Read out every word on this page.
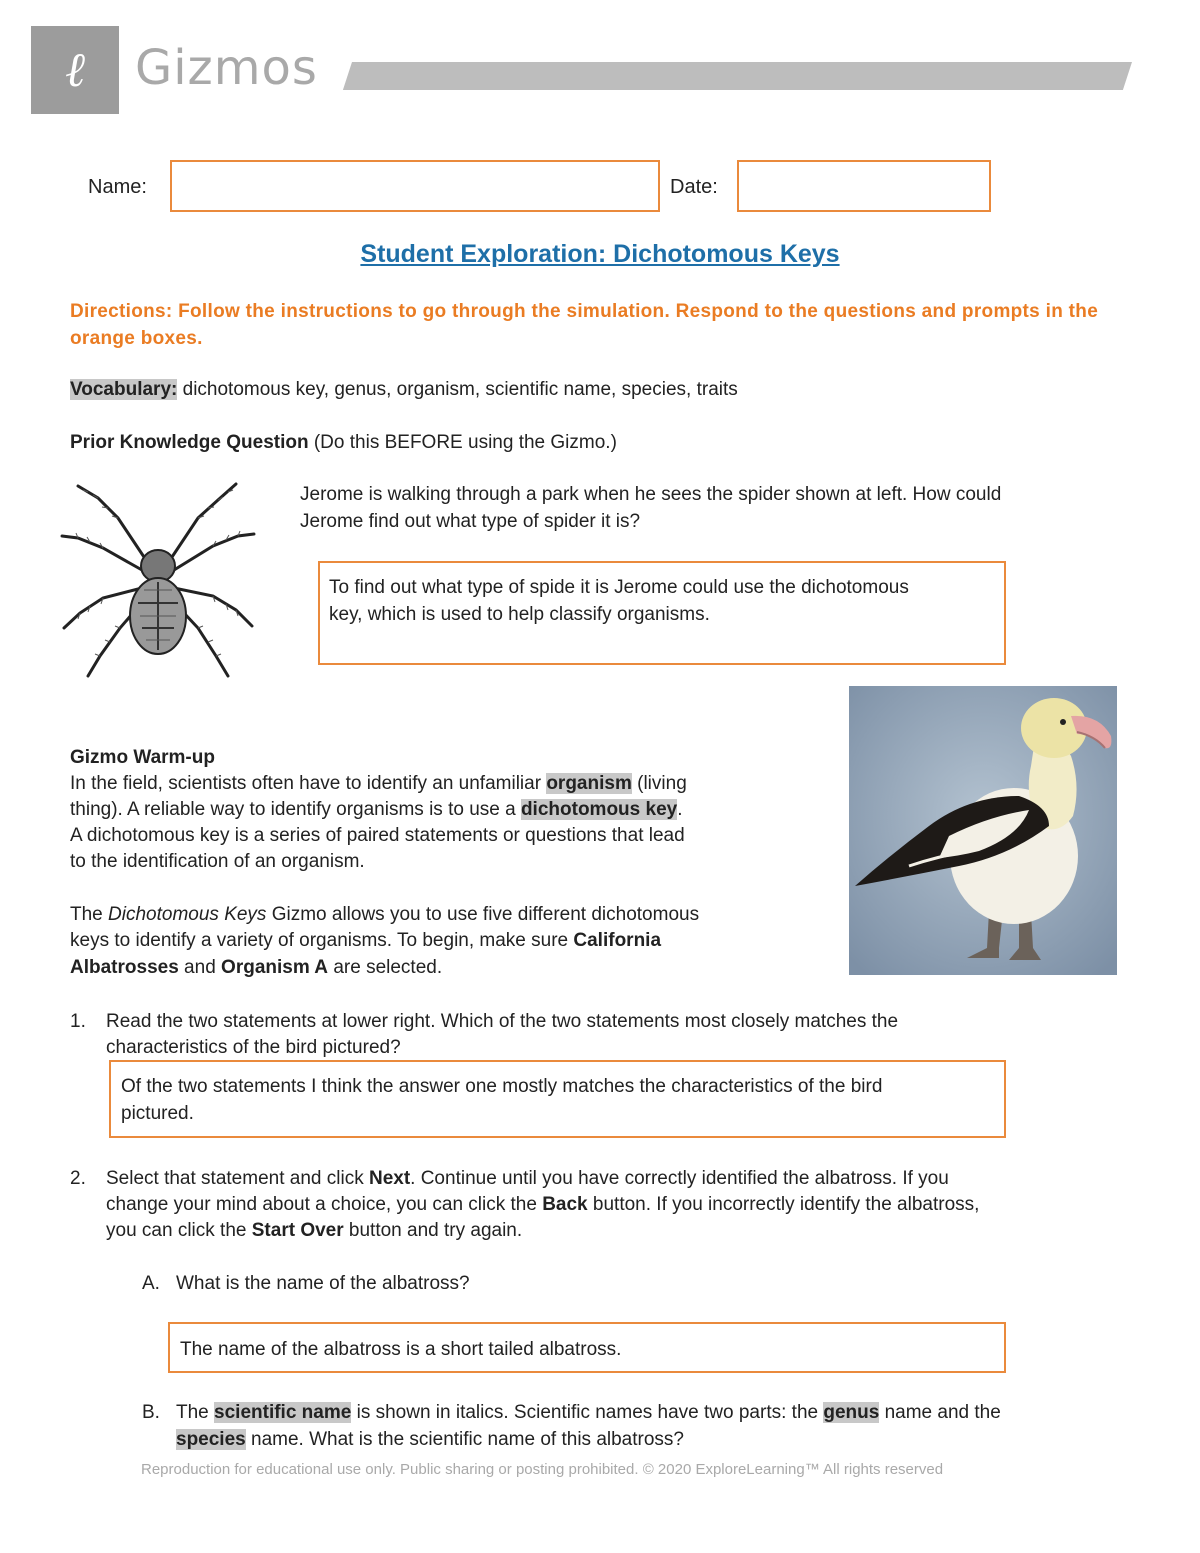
ℓ	Gizmos
Name:	Date:
Student Exploration: Dichotomous Keys
Directions: Follow the instructions to go through the simulation. Respond to the questions and prompts in the orange boxes.
Vocabulary: dichotomous key, genus, organism, scientific name, species, traits
Prior Knowledge Question (Do this BEFORE using the Gizmo.)
Jerome is walking through a park when he sees the spider shown at left. How could
Jerome find out what type of spider it is?
To find out what type of spide it is Jerome could use the dichotomous
key, which is used to help classify organisms.
Gizmo Warm-up
In the field, scientists often have to identify an unfamiliar organism (living
thing). A reliable way to identify organisms is to use a dichotomous key.
A dichotomous key is a series of paired statements or questions that lead
to the identification of an organism.
The Dichotomous Keys Gizmo allows you to use five different dichotomous
keys to identify a variety of organisms. To begin, make sure California
Albatrosses and Organism A are selected.
1. Read the two statements at lower right. Which of the two statements most closely matches the
characteristics of the bird pictured?
Of the two statements I think the answer one mostly matches the characteristics of the bird
pictured.
2. Select that statement and click Next. Continue until you have correctly identified the albatross. If you
change your mind about a choice, you can click the Back button. If you incorrectly identify the albatross,
you can click the Start Over button and try again.
A. What is the name of the albatross?
The name of the albatross is a short tailed albatross.
B. The scientific name is shown in italics. Scientific names have two parts: the genus name and the
species name. What is the scientific name of this albatross?
Reproduction for educational use only. Public sharing or posting prohibited. © 2020 ExploreLearning™ All rights reserved
